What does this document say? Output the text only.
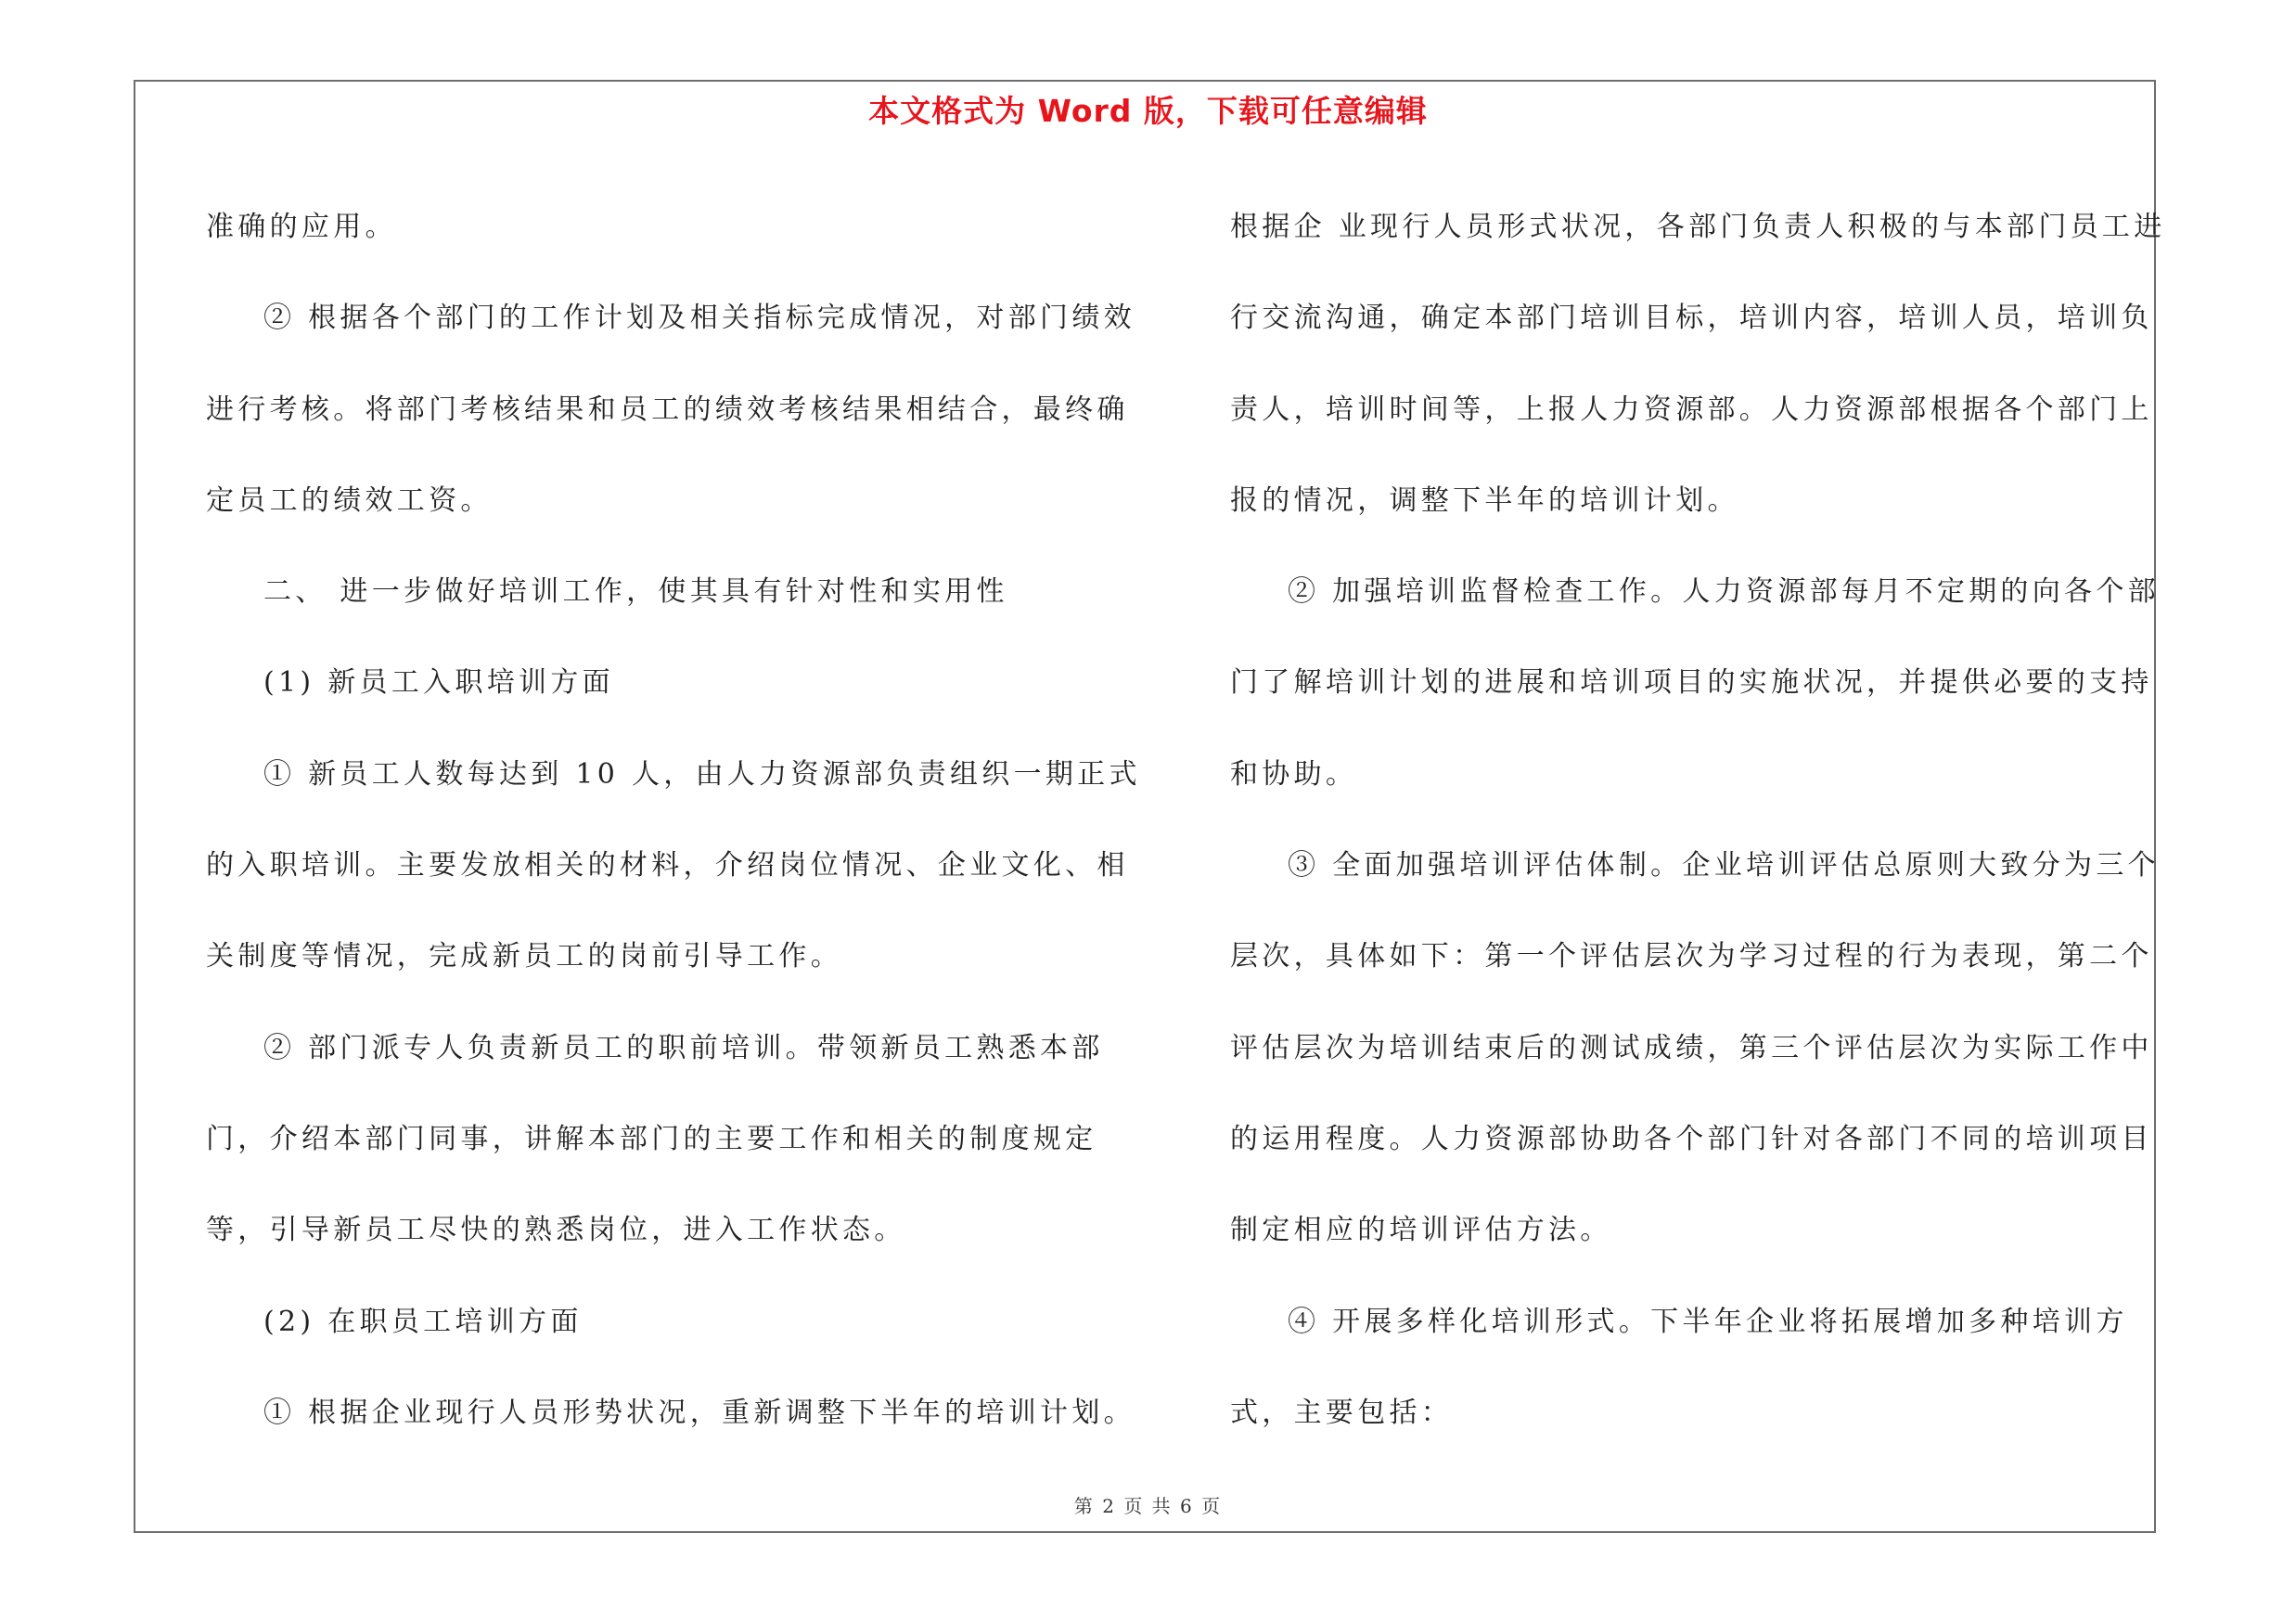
本文格式为 Word 版，下载可任意编辑

准确的应用。

② 根据各个部门的工作计划及相关指标完成情况，对部门绩效进行考核。将部门考核结果和员工的绩效考核结果相结合，最终确定员工的绩效工资。

二、 进一步做好培训工作，使其具有针对性和实用性

(1) 新员工入职培训方面

① 新员工人数每达到 10 人，由人力资源部负责组织一期正式的入职培训。主要发放相关的材料，介绍岗位情况、企业文化、相关制度等情况，完成新员工的岗前引导工作。

② 部门派专人负责新员工的职前培训。带领新员工熟悉本部门，介绍本部门同事，讲解本部门的主要工作和相关的制度规定等，引导新员工尽快的熟悉岗位，进入工作状态。

(2) 在职员工培训方面

① 根据企业现行人员形势状况，重新调整下半年的培训计划。

根据企 业现行人员形式状况，各部门负责人积极的与本部门员工进行交流沟通，确定本部门培训目标，培训内容，培训人员，培训负责人，培训时间等，上报人力资源部。人力资源部根据各个部门上报的情况，调整下半年的培训计划。

② 加强培训监督检查工作。人力资源部每月不定期的向各个部门了解培训计划的进展和培训项目的实施状况，并提供必要的支持和协助。

③ 全面加强培训评估体制。企业培训评估总原则大致分为三个层次，具体如下：第一个评估层次为学习过程的行为表现，第二个评估层次为培训结束后的测试成绩，第三个评估层次为实际工作中的运用程度。人力资源部协助各个部门针对各部门不同的培训项目制定相应的培训评估方法。

④ 开展多样化培训形式。下半年企业将拓展增加多种培训方式，主要包括：

第 2 页 共 6 页
